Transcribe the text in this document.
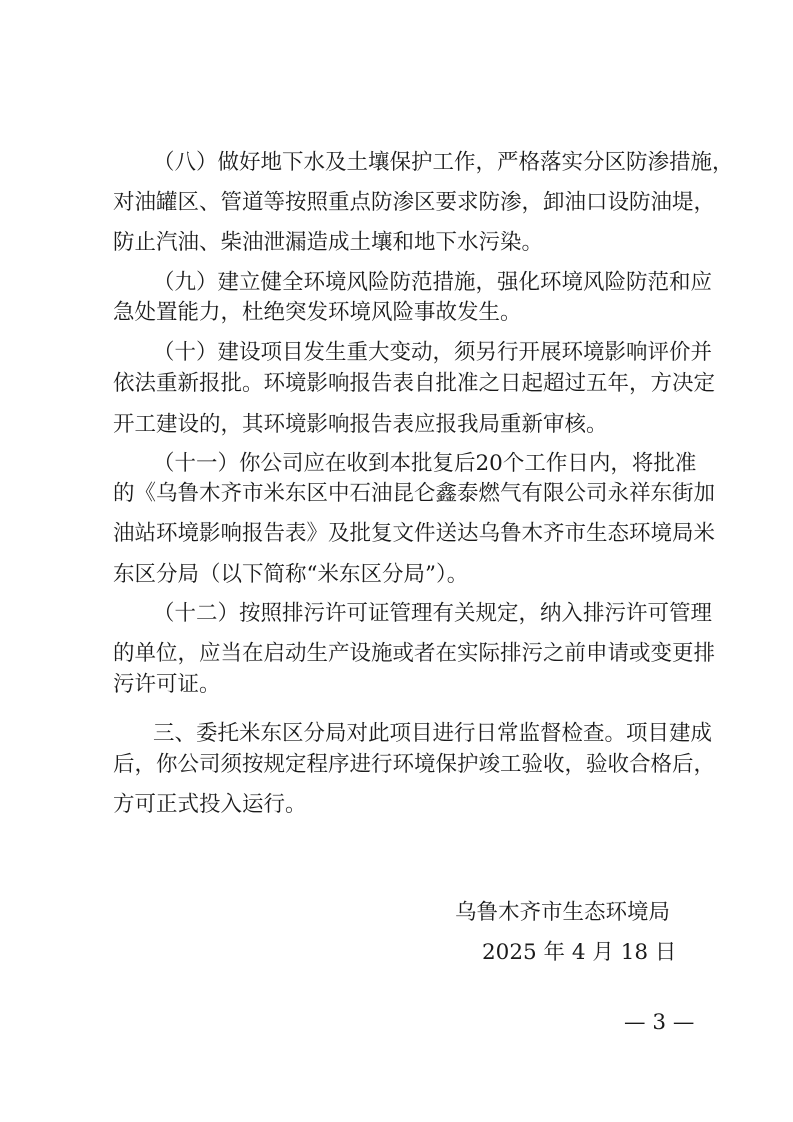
（八）做好地下水及土壤保护工作，严格落实分区防渗措施，
对油罐区、管道等按照重点防渗区要求防渗，卸油口设防油堤，
防止汽油、柴油泄漏造成土壤和地下水污染。
（九）建立健全环境风险防范措施，强化环境风险防范和应
急处置能力，杜绝突发环境风险事故发生。
（十）建设项目发生重大变动，须另行开展环境影响评价并
依法重新报批。环境影响报告表自批准之日起超过五年，方决定
开工建设的，其环境影响报告表应报我局重新审核。
（十一）你公司应在收到本批复后20个工作日内，将批准
的《乌鲁木齐市米东区中石油昆仑鑫泰燃气有限公司永祥东街加
油站环境影响报告表》及批复文件送达乌鲁木齐市生态环境局米
东区分局（以下简称“米东区分局”）。
（十二）按照排污许可证管理有关规定，纳入排污许可管理
的单位，应当在启动生产设施或者在实际排污之前申请或变更排
污许可证。
三、委托米东区分局对此项目进行日常监督检查。项目建成
后，你公司须按规定程序进行环境保护竣工验收，验收合格后，
方可正式投入运行。
乌鲁木齐市生态环境局
2025 年 4 月 18 日
— 3 —
